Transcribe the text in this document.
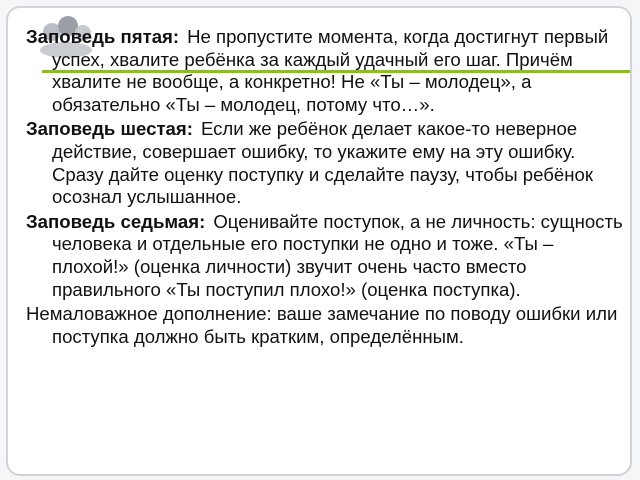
Заповедь пятая: Не пропустите момента, когда достигнут первый успех, хвалите ребёнка за каждый удачный его шаг. Причём хвалите не вообще, а конкретно! Не «Ты – молодец», а обязательно «Ты – молодец, потому что…».

Заповедь шестая: Если же ребёнок делает какое-то неверное действие, совершает ошибку, то укажите ему на эту ошибку. Сразу дайте оценку поступку и сделайте паузу, чтобы ребёнок осознал услышанное.

Заповедь седьмая: Оценивайте поступок, а не личность: сущность человека и отдельные его поступки не одно и тоже. «Ты – плохой!» (оценка личности) звучит очень часто вместо правильного «Ты поступил плохо!» (оценка поступка).

Немаловажное дополнение: ваше замечание по поводу ошибки или поступка должно быть кратким, определённым.
